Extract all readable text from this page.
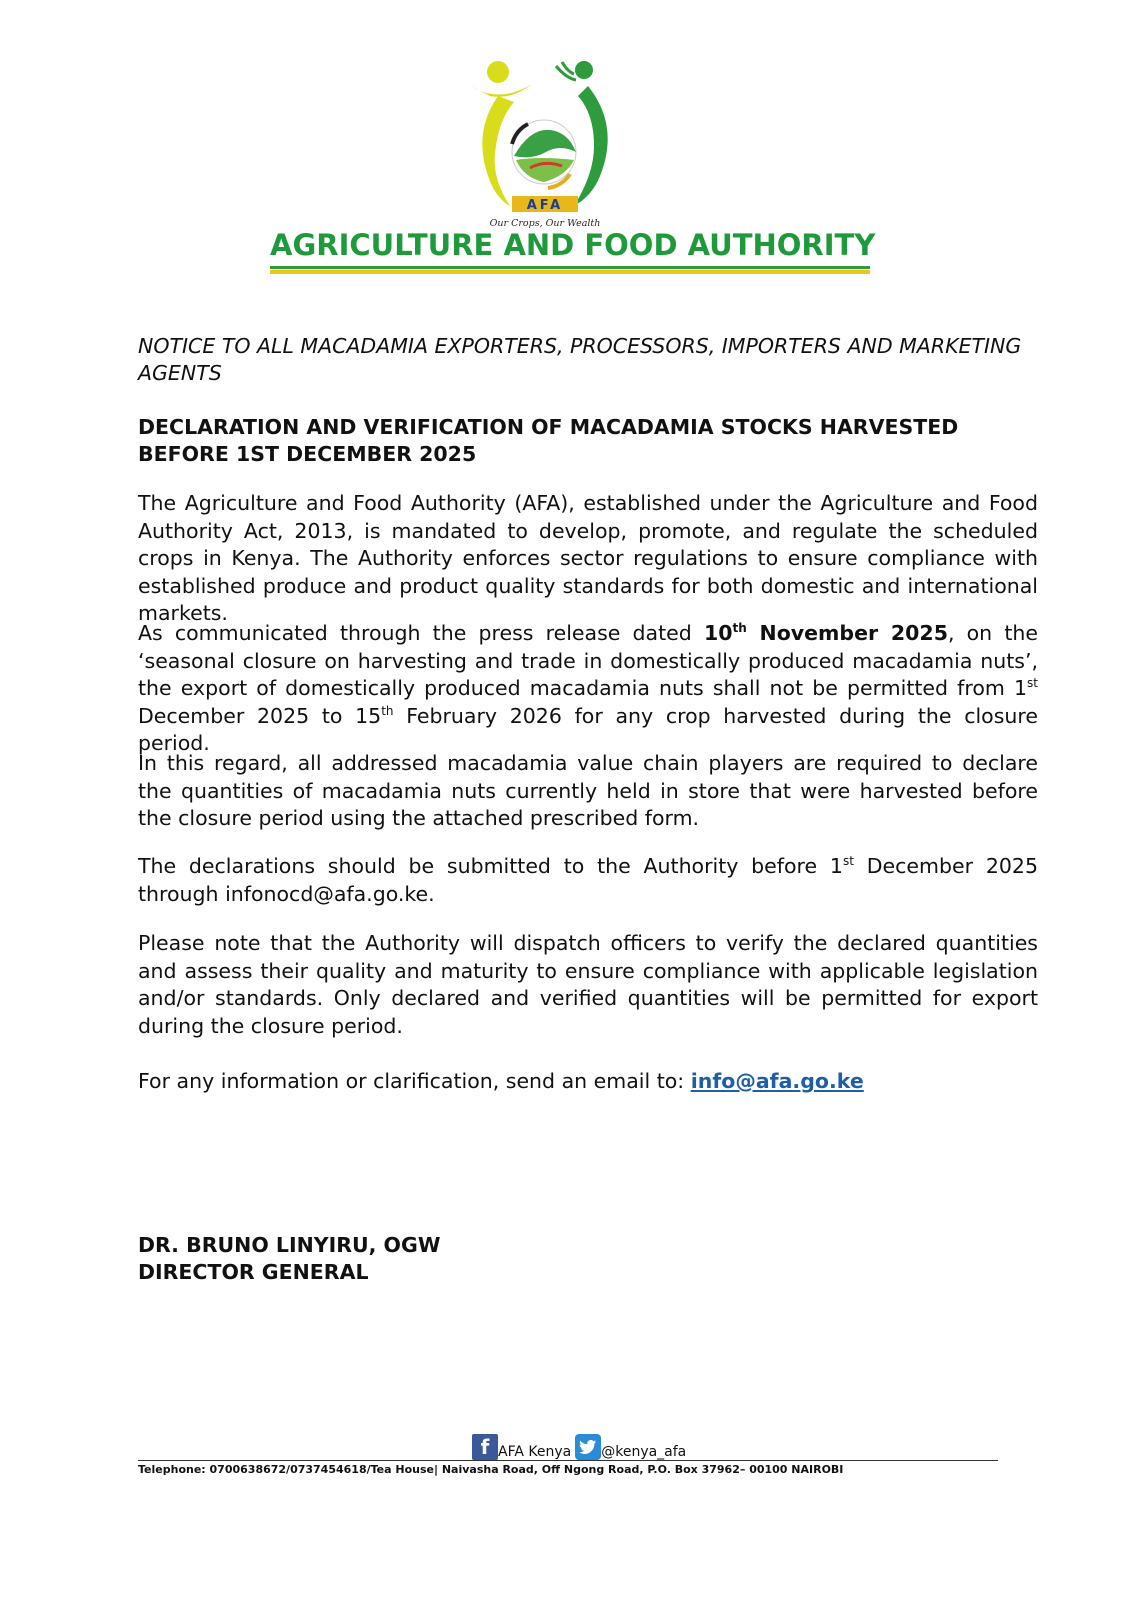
AFA
Our Crops, Our Wealth
AGRICULTURE AND FOOD AUTHORITY
NOTICE TO ALL MACADAMIA EXPORTERS, PROCESSORS, IMPORTERS AND MARKETING AGENTS
DECLARATION AND VERIFICATION OF MACADAMIA STOCKS HARVESTED BEFORE 1ST DECEMBER 2025
The Agriculture and Food Authority (AFA), established under the Agriculture and Food Authority Act, 2013, is mandated to develop, promote, and regulate the scheduled crops in Kenya. The Authority enforces sector regulations to ensure compliance with established produce and product quality standards for both domestic and international markets.
As communicated through the press release dated 10th November 2025, on the ‘seasonal closure on harvesting and trade in domestically produced macadamia nuts’, the export of domestically produced macadamia nuts shall not be permitted from 1st December 2025 to 15th February 2026 for any crop harvested during the closure period.
In this regard, all addressed macadamia value chain players are required to declare the quantities of macadamia nuts currently held in store that were harvested before the closure period using the attached prescribed form.
The declarations should be submitted to the Authority before 1st December 2025 through infonocd@afa.go.ke.
Please note that the Authority will dispatch officers to verify the declared quantities and assess their quality and maturity to ensure compliance with applicable legislation and/or standards. Only declared and verified quantities will be permitted for export during the closure period.
For any information or clarification, send an email to: info@afa.go.ke
DR. BRUNO LINYIRU, OGW
DIRECTOR GENERAL
f AFA Kenya @kenya_afa
Telephone: 0700638672/0737454618/Tea House| Naivasha Road, Off Ngong Road, P.O. Box 37962– 00100 NAIROBI
